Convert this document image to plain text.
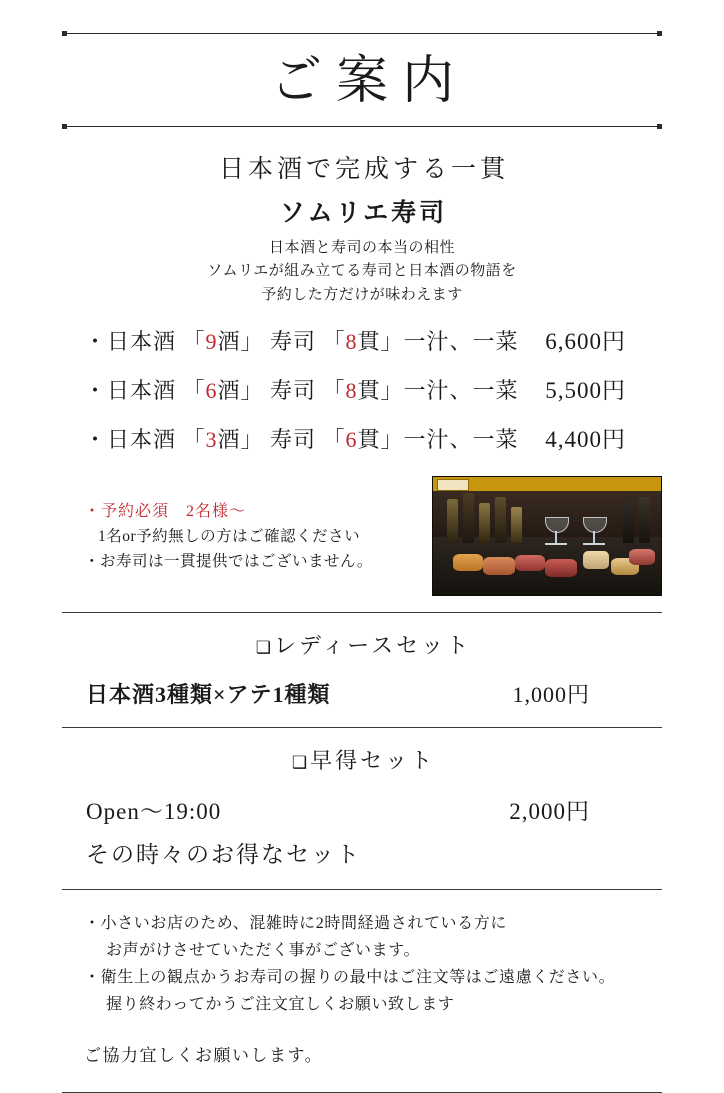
ご案内
日本酒で完成する一貫
ソムリエ寿司
日本酒と寿司の本当の相性
ソムリエが組み立てる寿司と日本酒の物語を
予約した方だけが味わえます
・日本酒 「9酒」 寿司 「8貫」一汁、一菜 6,600円
・日本酒 「6酒」 寿司 「8貫」一汁、一菜 5,500円
・日本酒 「3酒」 寿司 「6貫」一汁、一菜 4,400円
・予約必須　2名様〜
1名or予約無しの方はご確認ください
・お寿司は一貫提供ではございません。
❑レディースセット
日本酒3種類×アテ1種類	1,000円
❑早得セット
Open〜19:00	2,000円
その時々のお得なセット
・小さいお店のため、混雑時に2時間経過されている方に
お声がけさせていただく事がございます。
・衛生上の観点かうお寿司の握りの最中はご注文等はご遠慮ください。
握り終わってかうご注文宜しくお願い致します
ご協力宜しくお願いします。
